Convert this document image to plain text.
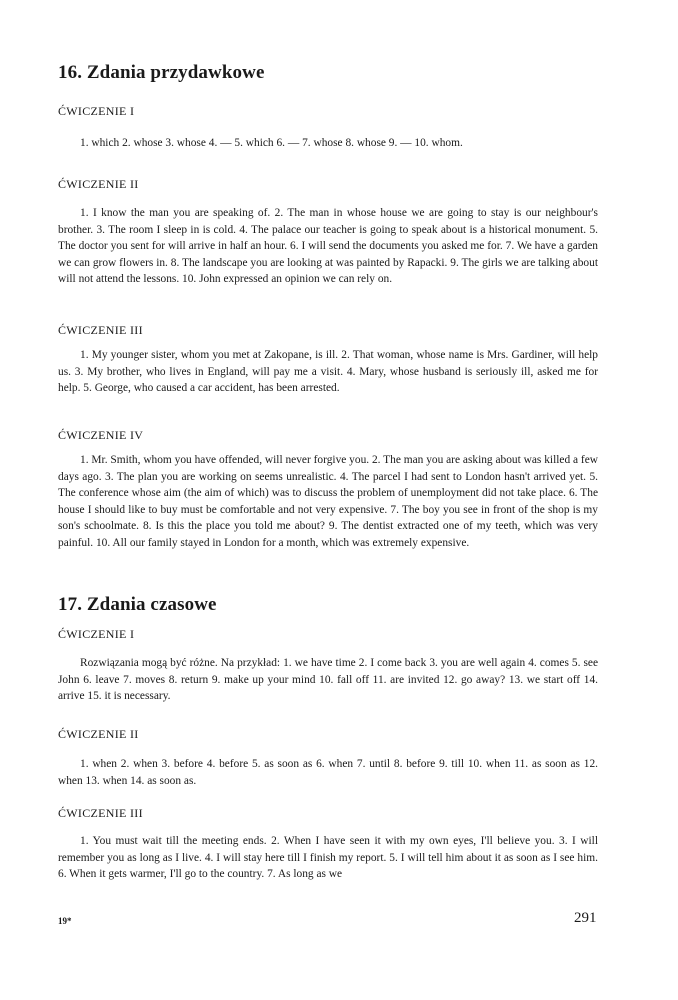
16. Zdania przydawkowe

ĆWICZENIE I

1. which 2. whose 3. whose 4. — 5. which 6. — 7. whose 8. whose 9. — 10. whom.

ĆWICZENIE II

1. I know the man you are speaking of. 2. The man in whose house we are going to stay is our neighbour's brother. 3. The room I sleep in is cold. 4. The palace our teacher is going to speak about is a historical monument. 5. The doctor you sent for will arrive in half an hour. 6. I will send the documents you asked me for. 7. We have a garden we can grow flowers in. 8. The landscape you are looking at was painted by Rapacki. 9. The girls we are talking about will not attend the lessons. 10. John expressed an opinion we can rely on.

ĆWICZENIE III

1. My younger sister, whom you met at Zakopane, is ill. 2. That woman, whose name is Mrs. Gardiner, will help us. 3. My brother, who lives in England, will pay me a visit. 4. Mary, whose husband is seriously ill, asked me for help. 5. George, who caused a car accident, has been arrested.

ĆWICZENIE IV

1. Mr. Smith, whom you have offended, will never forgive you. 2. The man you are asking about was killed a few days ago. 3. The plan you are working on seems unrealistic. 4. The parcel I had sent to London hasn't arrived yet. 5. The conference whose aim (the aim of which) was to discuss the problem of unemployment did not take place. 6. The house I should like to buy must be comfortable and not very expensive. 7. The boy you see in front of the shop is my son's schoolmate. 8. Is this the place you told me about? 9. The dentist extracted one of my teeth, which was very painful. 10. All our family stayed in London for a month, which was extremely expensive.

17. Zdania czasowe

ĆWICZENIE I

Rozwiązania mogą być różne. Na przykład: 1. we have time 2. I come back 3. you are well again 4. comes 5. see John 6. leave 7. moves 8. return 9. make up your mind 10. fall off 11. are invited 12. go away? 13. we start off 14. arrive 15. it is necessary.

ĆWICZENIE II

1. when 2. when 3. before 4. before 5. as soon as 6. when 7. until 8. before 9. till 10. when 11. as soon as 12. when 13. when 14. as soon as.

ĆWICZENIE III

1. You must wait till the meeting ends. 2. When I have seen it with my own eyes, I'll believe you. 3. I will remember you as long as I live. 4. I will stay here till I finish my report. 5. I will tell him about it as soon as I see him. 6. When it gets warmer, I'll go to the country. 7. As long as we

19*	291
